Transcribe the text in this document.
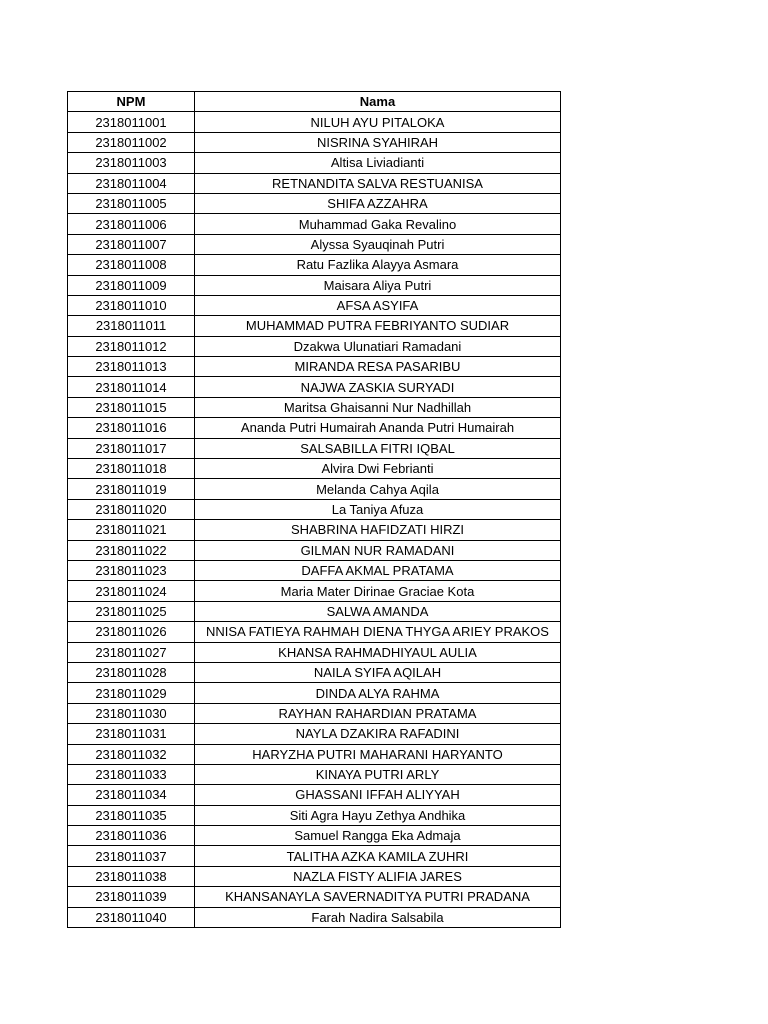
NPM	Nama
2318011001	NILUH AYU PITALOKA
2318011002	NISRINA SYAHIRAH
2318011003	Altisa Liviadianti
2318011004	RETNANDITA SALVA RESTUANISA
2318011005	SHIFA AZZAHRA
2318011006	Muhammad Gaka Revalino
2318011007	Alyssa Syauqinah Putri
2318011008	Ratu Fazlika Alayya Asmara
2318011009	Maisara Aliya Putri
2318011010	AFSA ASYIFA
2318011011	MUHAMMAD PUTRA FEBRIYANTO SUDIAR
2318011012	Dzakwa Ulunatiari Ramadani
2318011013	MIRANDA RESA PASARIBU
2318011014	NAJWA ZASKIA SURYADI
2318011015	Maritsa Ghaisanni Nur Nadhillah
2318011016	Ananda Putri Humairah Ananda Putri Humairah
2318011017	SALSABILLA FITRI IQBAL
2318011018	Alvira Dwi Febrianti
2318011019	Melanda Cahya Aqila
2318011020	La Taniya Afuza
2318011021	SHABRINA HAFIDZATI HIRZI
2318011022	GILMAN NUR RAMADANI
2318011023	DAFFA AKMAL PRATAMA
2318011024	Maria Mater Dirinae Graciae Kota
2318011025	SALWA AMANDA
2318011026	NNISA FATIEYA RAHMAH DIENA THYGA ARIEY PRAKOS
2318011027	KHANSA RAHMADHIYAUL AULIA
2318011028	NAILA SYIFA AQILAH
2318011029	DINDA ALYA RAHMA
2318011030	RAYHAN RAHARDIAN PRATAMA
2318011031	NAYLA DZAKIRA RAFADINI
2318011032	HARYZHA PUTRI MAHARANI HARYANTO
2318011033	KINAYA PUTRI ARLY
2318011034	GHASSANI IFFAH ALIYYAH
2318011035	Siti Agra Hayu Zethya Andhika
2318011036	Samuel Rangga Eka Admaja
2318011037	TALITHA AZKA KAMILA ZUHRI
2318011038	NAZLA FISTY ALIFIA JARES
2318011039	KHANSANAYLA SAVERNADITYA PUTRI PRADANA
2318011040	Farah Nadira Salsabila
